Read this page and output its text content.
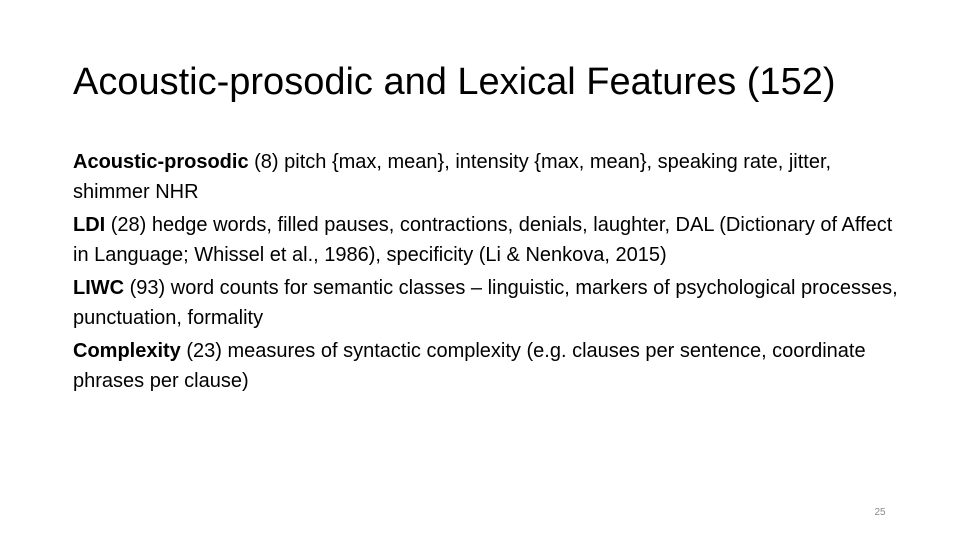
Acoustic-prosodic and Lexical Features (152)
Acoustic-prosodic (8) pitch {max, mean}, intensity {max, mean}, speaking rate, jitter, shimmer NHR
LDI (28) hedge words, filled pauses, contractions, denials, laughter, DAL (Dictionary of Affect in Language; Whissel et al., 1986), specificity (Li & Nenkova, 2015)
LIWC (93) word counts for semantic classes – linguistic, markers of psychological processes, punctuation, formality
Complexity (23) measures of syntactic complexity (e.g. clauses per sentence, coordinate phrases per clause)
25
